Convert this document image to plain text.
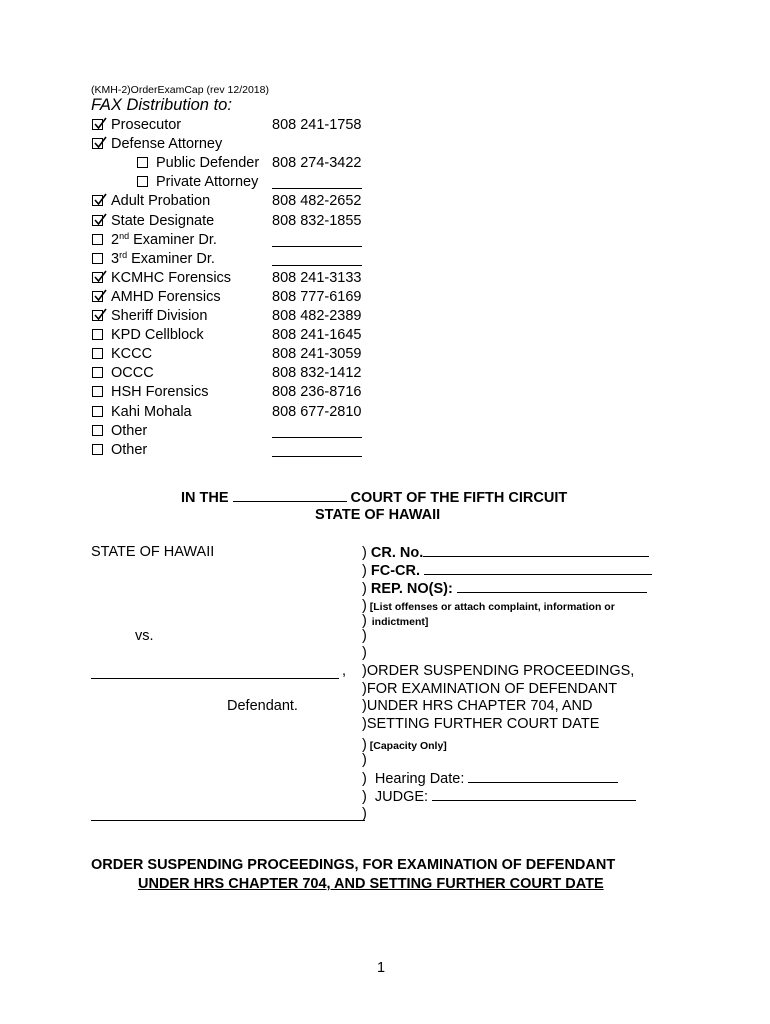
(KMH-2)OrderExamCap (rev 12/2018)
FAX Distribution to:
Prosecutor	808 241-1758
Defense Attorney
Public Defender 808 274-3422
Private Attorney
Adult Probation	808 482-2652
State Designate	808 832-1855
2nd Examiner Dr.
3rd Examiner Dr.
KCMHC Forensics	808 241-3133
AMHD Forensics	808 777-6169
Sheriff Division	808 482-2389
KPD Cellblock	808 241-1645
KCCC	808 241-3059
OCCC	808 832-1412
HSH Forensics	808 236-8716
Kahi Mohala	808 677-2810
Other
Other
IN THE	COURT OF THE FIFTH CIRCUIT
STATE OF HAWAII
STATE OF HAWAII
vs.
,
Defendant.
) CR. No.
) FC-CR.
) REP. NO(S):
) [List offenses or attach complaint, information or
) indictment]
)
)
)ORDER SUSPENDING PROCEEDINGS,
)FOR EXAMINATION OF DEFENDANT
)UNDER HRS CHAPTER 704, AND
)SETTING FURTHER COURT DATE
) [Capacity Only]
)
)  Hearing Date:
)  JUDGE:
)
ORDER SUSPENDING PROCEEDINGS, FOR EXAMINATION OF DEFENDANT
UNDER HRS CHAPTER 704, AND SETTING FURTHER COURT DATE
1
